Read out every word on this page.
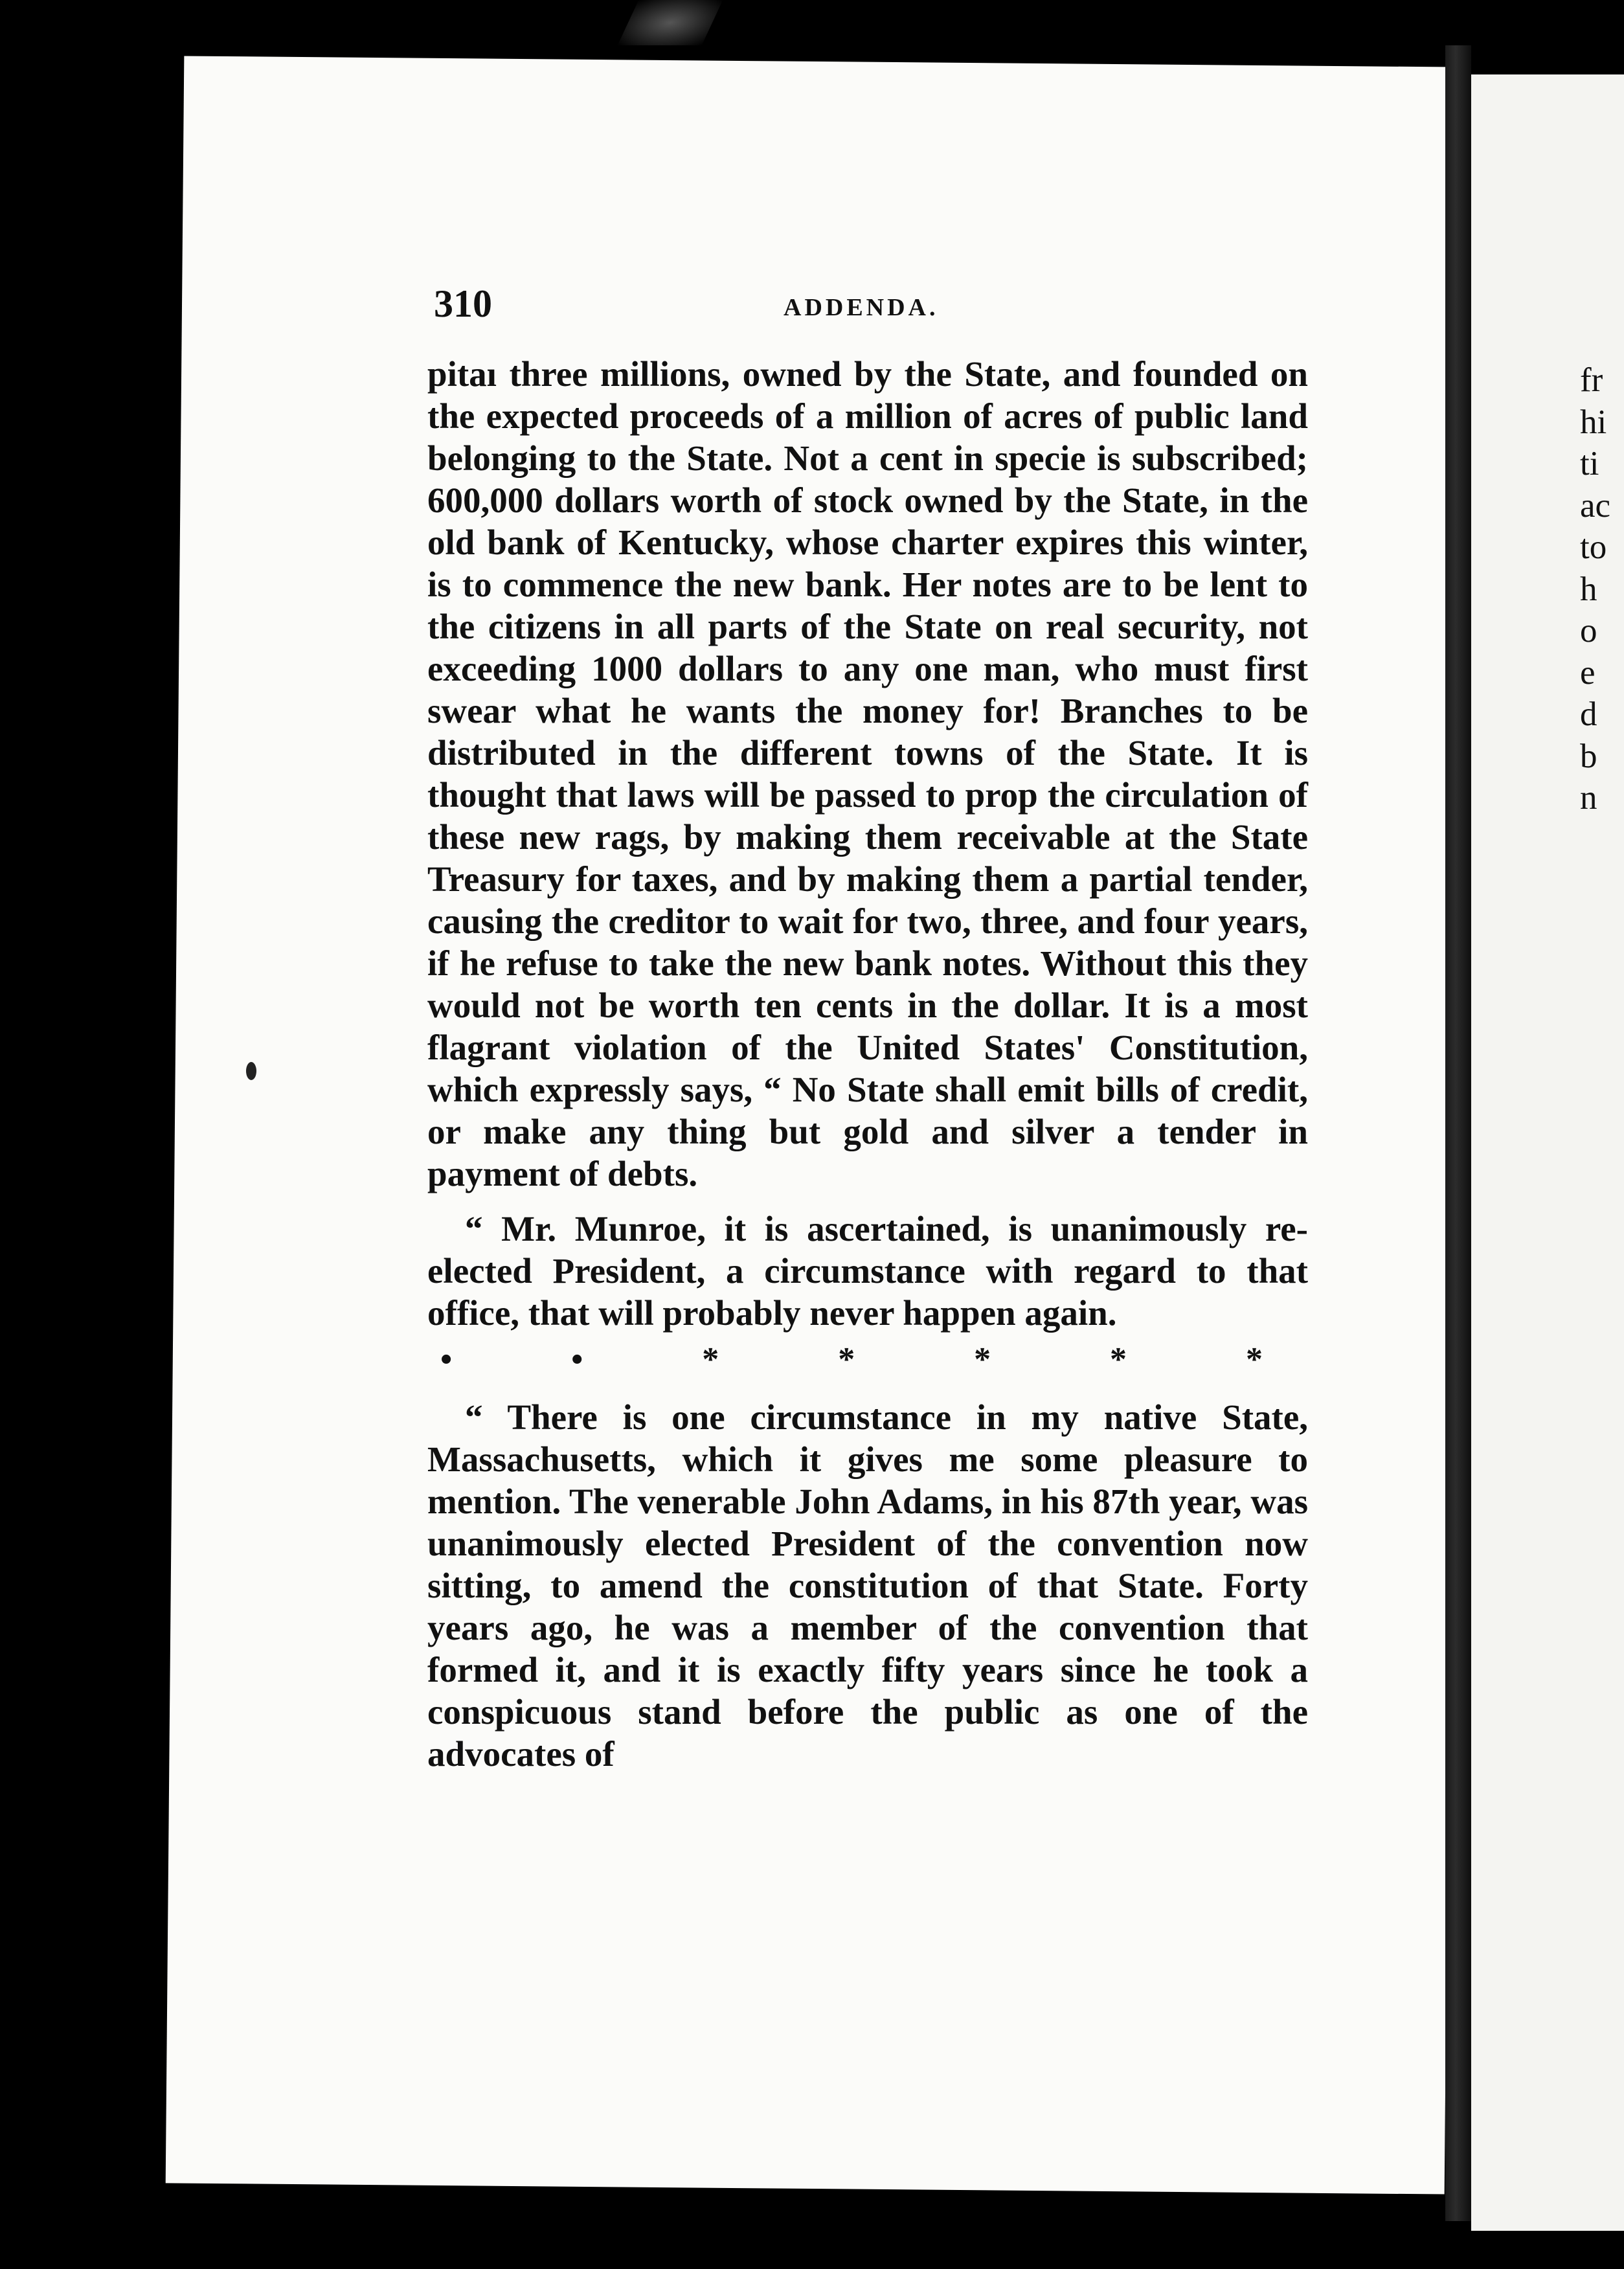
fr
hi
ti
ac
to
h
o
e
d
b
n
310	ADDENDA.

pitaı three millions, owned by the State, and founded on the expected proceeds of a million of acres of public land belonging to the State. Not a cent in specie is subscribed; 600,000 dollars worth of stock owned by the State, in the old bank of Kentucky, whose charter expires this winter, is to commence the new bank. Her notes are to be lent to the citizens in all parts of the State on real security, not exceeding 1000 dollars to any one man, who must first swear what he wants the money for! Branches to be distributed in the different towns of the State. It is thought that laws will be passed to prop the circulation of these new rags, by making them receivable at the State Treasury for taxes, and by making them a partial tender, causing the creditor to wait for two, three, and four years, if he refuse to take the new bank notes. Without this they would not be worth ten cents in the dollar. It is a most flagrant violation of the United States' Constitution, which expressly says, “ No State shall emit bills of credit, or make any thing but gold and silver a tender in payment of debts.

“ Mr. Munroe, it is ascertained, is unanimously re-elected President, a circumstance with regard to that office, that will probably never happen again.

•	•	*	*	*	*	*

“ There is one circumstance in my native State, Massachusetts, which it gives me some pleasure to mention. The venerable John Adams, in his 87th year, was unanimously elected President of the convention now sitting, to amend the constitution of that State. Forty years ago, he was a member of the convention that formed it, and it is exactly fifty years since he took a conspicuous stand before the public as one of the advocates of
